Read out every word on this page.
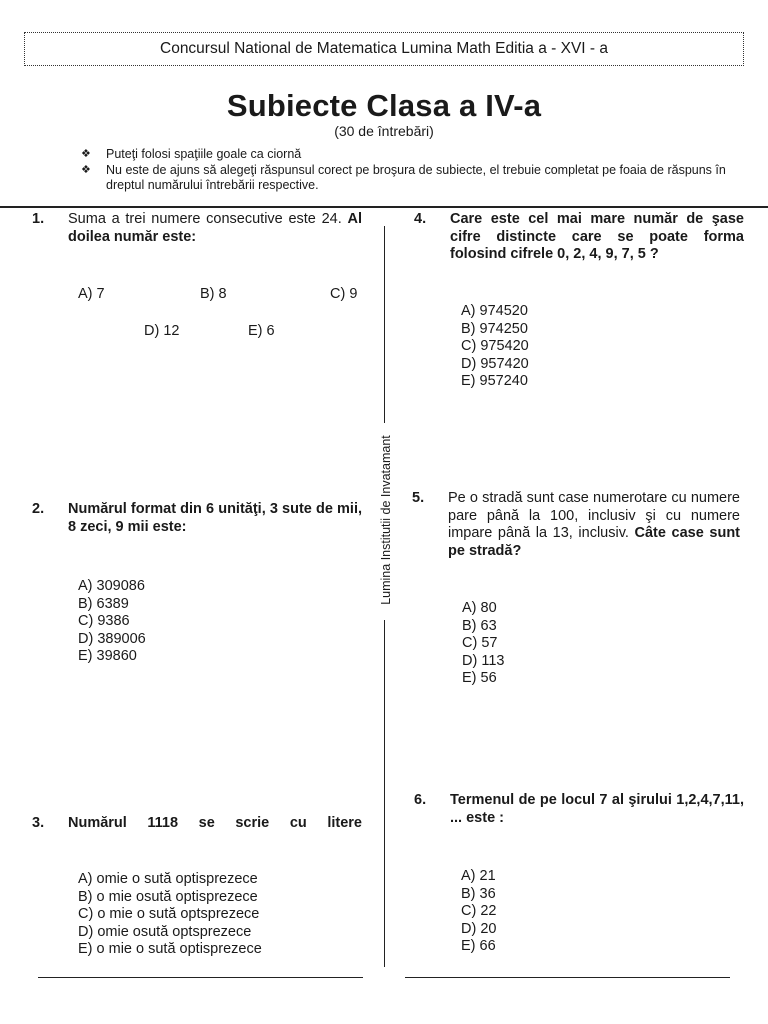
Concursul National de Matematica Lumina Math Editia a - XVI - a
Subiecte Clasa a IV-a
(30 de întrebări)
❖ Puteţi folosi spaţiile goale ca ciornă
❖ Nu este de ajuns să alegeţi răspunsul corect pe broşura de subiecte, el trebuie completat pe foaia de răspuns în dreptul numărului întrebării respective.
Lumina Institutii de Invatamant
1. Suma a trei numere consecutive este 24. Al doilea număr este:
A) 7	B) 8	C) 9
D) 12	E) 6
2. Numărul format din 6 unităţi, 3 sute de mii, 8 zeci, 9 mii este:
A) 309086
B) 6389
C) 9386
D) 389006
E) 39860
3. Numărul 1118 se scrie cu litere
A) omie o sută optisprezece
B) o mie osută optisprezece
C) o mie o sută optsprezece
D) omie osută optsprezece
E) o mie o sută optisprezece
4. Care este cel mai mare număr de şase cifre distincte care se poate forma folosind cifrele 0, 2, 4, 9, 7, 5 ?
A) 974520
B) 974250
C) 975420
D) 957420
E) 957240
5. Pe o stradă sunt case numerotare cu numere pare până la 100, inclusiv şi cu numere impare până la 13, inclusiv. Câte case sunt pe stradă?
A) 80
B) 63
C) 57
D) 113
E) 56
6. Termenul de pe locul 7 al şirului 1,2,4,7,11, ... este :
A) 21
B) 36
C) 22
D) 20
E) 66
